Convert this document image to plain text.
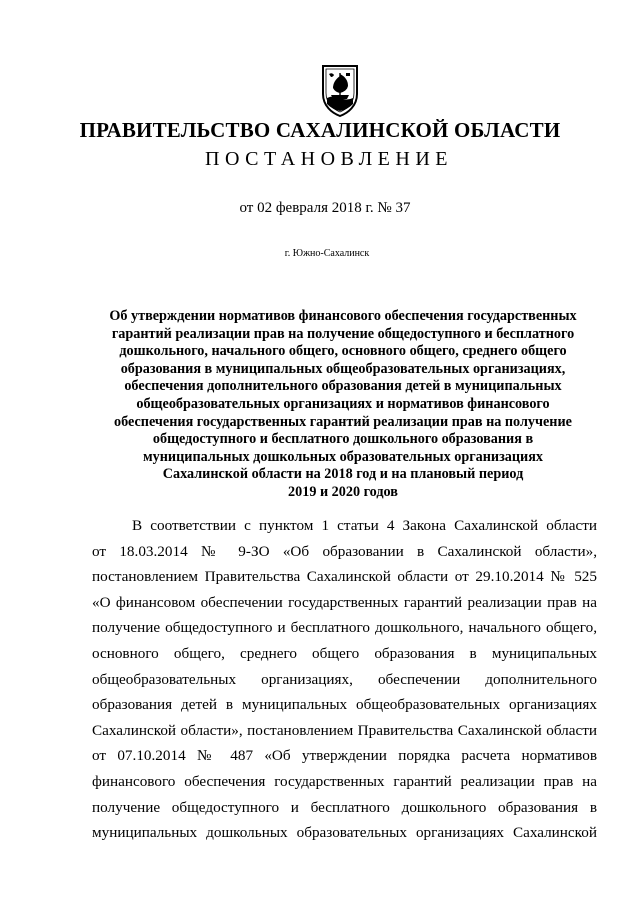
ПРАВИТЕЛЬСТВО САХАЛИНСКОЙ ОБЛАСТИ
ПОСТАНОВЛЕНИЕ
от 02 февраля 2018 г. № 37
г. Южно-Сахалинск
Об утверждении нормативов финансового обеспечения государственных
гарантий реализации прав на получение общедоступного и бесплатного
дошкольного, начального общего, основного общего, среднего общего
образования в муниципальных общеобразовательных организациях,
обеспечения дополнительного образования детей в муниципальных
общеобразовательных организациях и нормативов финансового
обеспечения государственных гарантий реализации прав на получение
общедоступного и бесплатного дошкольного образования в
муниципальных дошкольных образовательных организациях
Сахалинской области на 2018 год и на плановый период
2019 и 2020 годов
В соответствии с пунктом 1 статьи 4 Закона Сахалинской области
от 18.03.2014 № 9-ЗО «Об образовании в Сахалинской области»,
постановлением Правительства Сахалинской области от 29.10.2014 № 525
«О финансовом обеспечении государственных гарантий реализации прав на
получение общедоступного и бесплатного дошкольного, начального общего,
основного общего, среднего общего образования в муниципальных
общеобразовательных организациях, обеспечении дополнительного
образования детей в муниципальных общеобразовательных организациях
Сахалинской области», постановлением Правительства Сахалинской области
от 07.10.2014 № 487 «Об утверждении порядка расчета нормативов
финансового обеспечения государственных гарантий реализации прав на
получение общедоступного и бесплатного дошкольного образования в
муниципальных дошкольных образовательных организациях Сахалинской
